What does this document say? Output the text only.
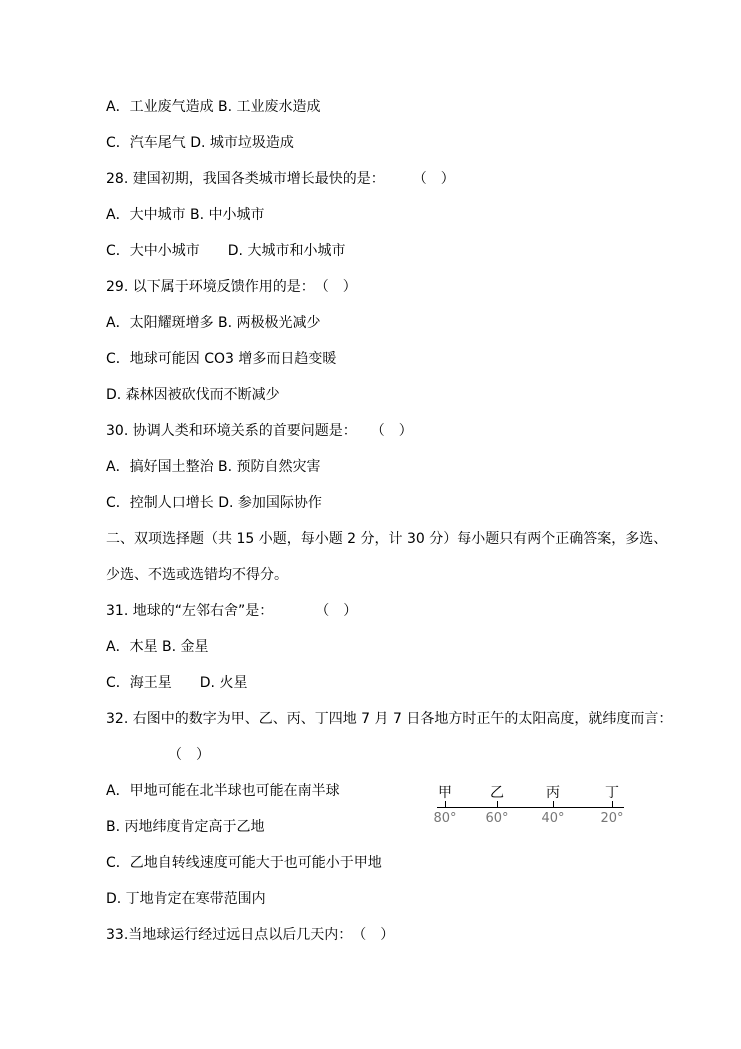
A．工业废气造成 B. 工业废水造成
C．汽车尾气 D. 城市垃圾造成
28. 建国初期，我国各类城市增长最快的是：　　　（　）
A．大中城市 B. 中小城市
C．大中小城市　　D. 大城市和小城市
29. 以下属于环境反馈作用的是：　（　）
A．太阳耀斑增多 B. 两极极光减少
C．地球可能因 CO3 增多而日趋变暖
D. 森林因被砍伐而不断减少
30. 协调人类和环境关系的首要问题是：　　（　）
A．搞好国土整治 B. 预防自然灾害
C．控制人口增长 D. 参加国际协作
二、双项选择题（共 15 小题，每小题 2 分，计 30 分）每小题只有两个正确答案，多选、
少选、不选或选错均不得分。
31. 地球的“左邻右舍”是：　　　　（　）
A．木星 B. 金星
C．海王星　　D. 火星
32. 右图中的数字为甲、乙、丙、丁四地 7 月 7 日各地方时正午的太阳高度，就纬度而言：
（　）
A．甲地可能在北半球也可能在南半球
B. 丙地纬度肯定高于乙地
C．乙地自转线速度可能大于也可能小于甲地
D. 丁地肯定在寒带范围内
33.当地球运行经过远日点以后几天内：　（　）
甲	乙	丙	丁
80°	60°	40°	20°
